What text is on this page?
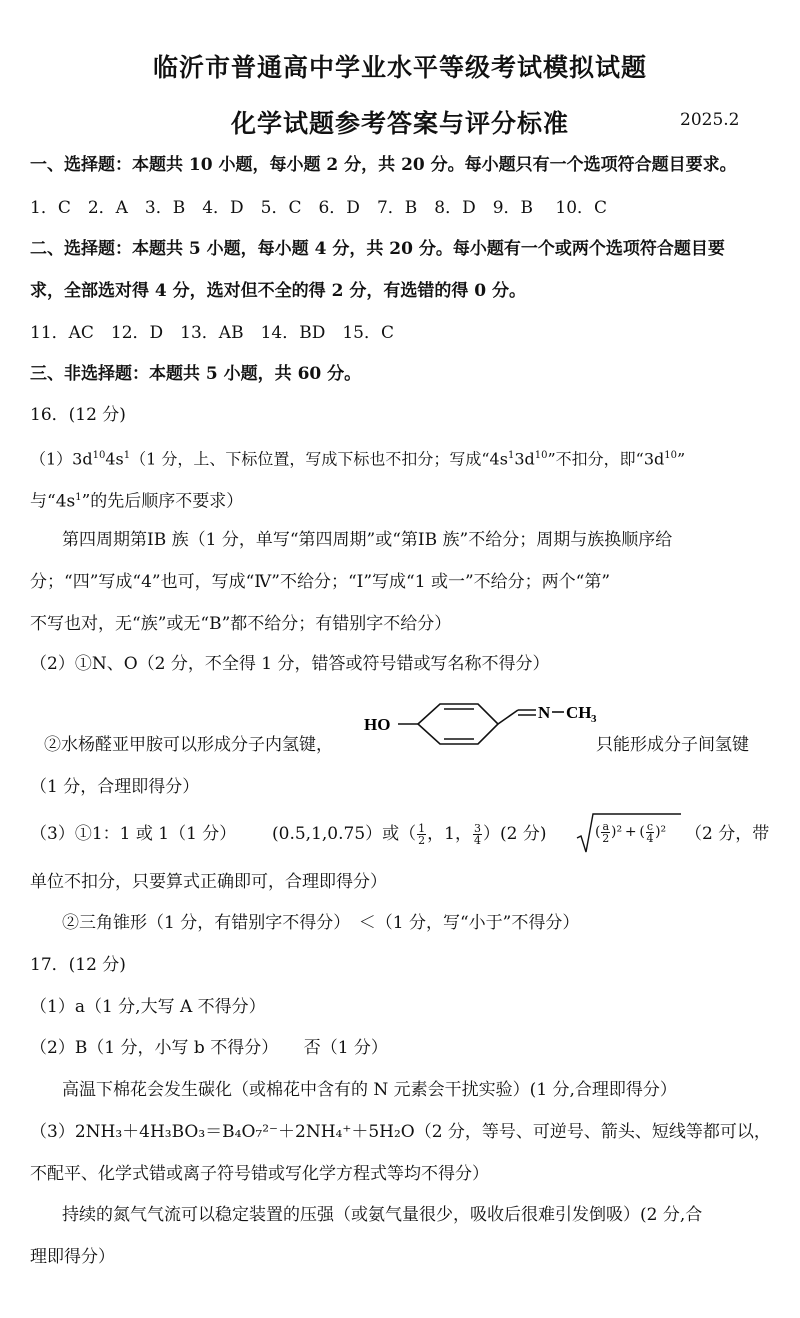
临沂市普通高中学业水平等级考试模拟试题
化学试题参考答案与评分标准	2025.2
一、选择题：本题共 10 小题，每小题 2 分，共 20 分。每小题只有一个选项符合题目要求。
1．C　2．A　3．B　4．D　5．C　6．D　7．B　8．D　9．B　 10．C
二、选择题：本题共 5 小题，每小题 4 分，共 20 分。每小题有一个或两个选项符合题目要
求，全部选对得 4 分，选对但不全的得 2 分，有选错的得 0 分。
11．AC　12．D　13．AB　14．BD　15．C
三、非选择题：本题共 5 小题，共 60 分。
16．(12 分)
$(1)3d^{10}4s^1(1$ 分，上、下标位置，写成下标也不扣分；写成“$4s^13d^{10}$”不扣分，即“$3d^{10}$”
与“$4s^1$”的先后顺序不要求）
第四周期第IB 族（1 分，单写“第四周期”或“第ⅠB 族”不给分；周期与族换顺序给
分；“四”写成“4”也可，写成“Ⅳ”不给分；“Ⅰ”写成“1 或一”不给分；两个“第”
不写也对，无“族”或无“B”都不给分；有错别字不给分）
（2）①N、O（2 分，不全得 1 分，错答或符号错或写名称不得分）
②水杨醛亚甲胺可以形成分子内氢键，	只能形成分子间氢键
HO
N CH 3
（1 分，合理即得分）
（3）①1：1 或 1（1 分） (0.5,1,0.75）或（ $\frac{1}{2}$ ，1， $\frac{3}{4} )(2$ 分)	( $\frac{a}{2} )^2$ + ( $\frac{c}{4} )^2$ （2 分，带
单位不扣分，只要算式正确即可，合理即得分）
②三角锥形（1 分，有错别字不得分）　＜（1 分，写“小于”不得分）
17．(12 分)
（1）a（1 分,大写 A 不得分）
（2）B（1 分，小写 b 不得分）　　否（1 分）
高温下棉花会发生碳化（或棉花中含有的 N 元素会干扰实验）(1 分,合理即得分）
（3）2NH₃＋4H₃BO₃＝B₄O₇²⁻＋2NH₄⁺＋5H₂O（2 分，等号、可逆号、箭头、短线等都可以，
不配平、化学式错或离子符号错或写化学方程式等均不得分）
持续的氮气气流可以稳定装置的压强（或氨气量很少，吸收后很难引发倒吸）(2 分,合
理即得分）
